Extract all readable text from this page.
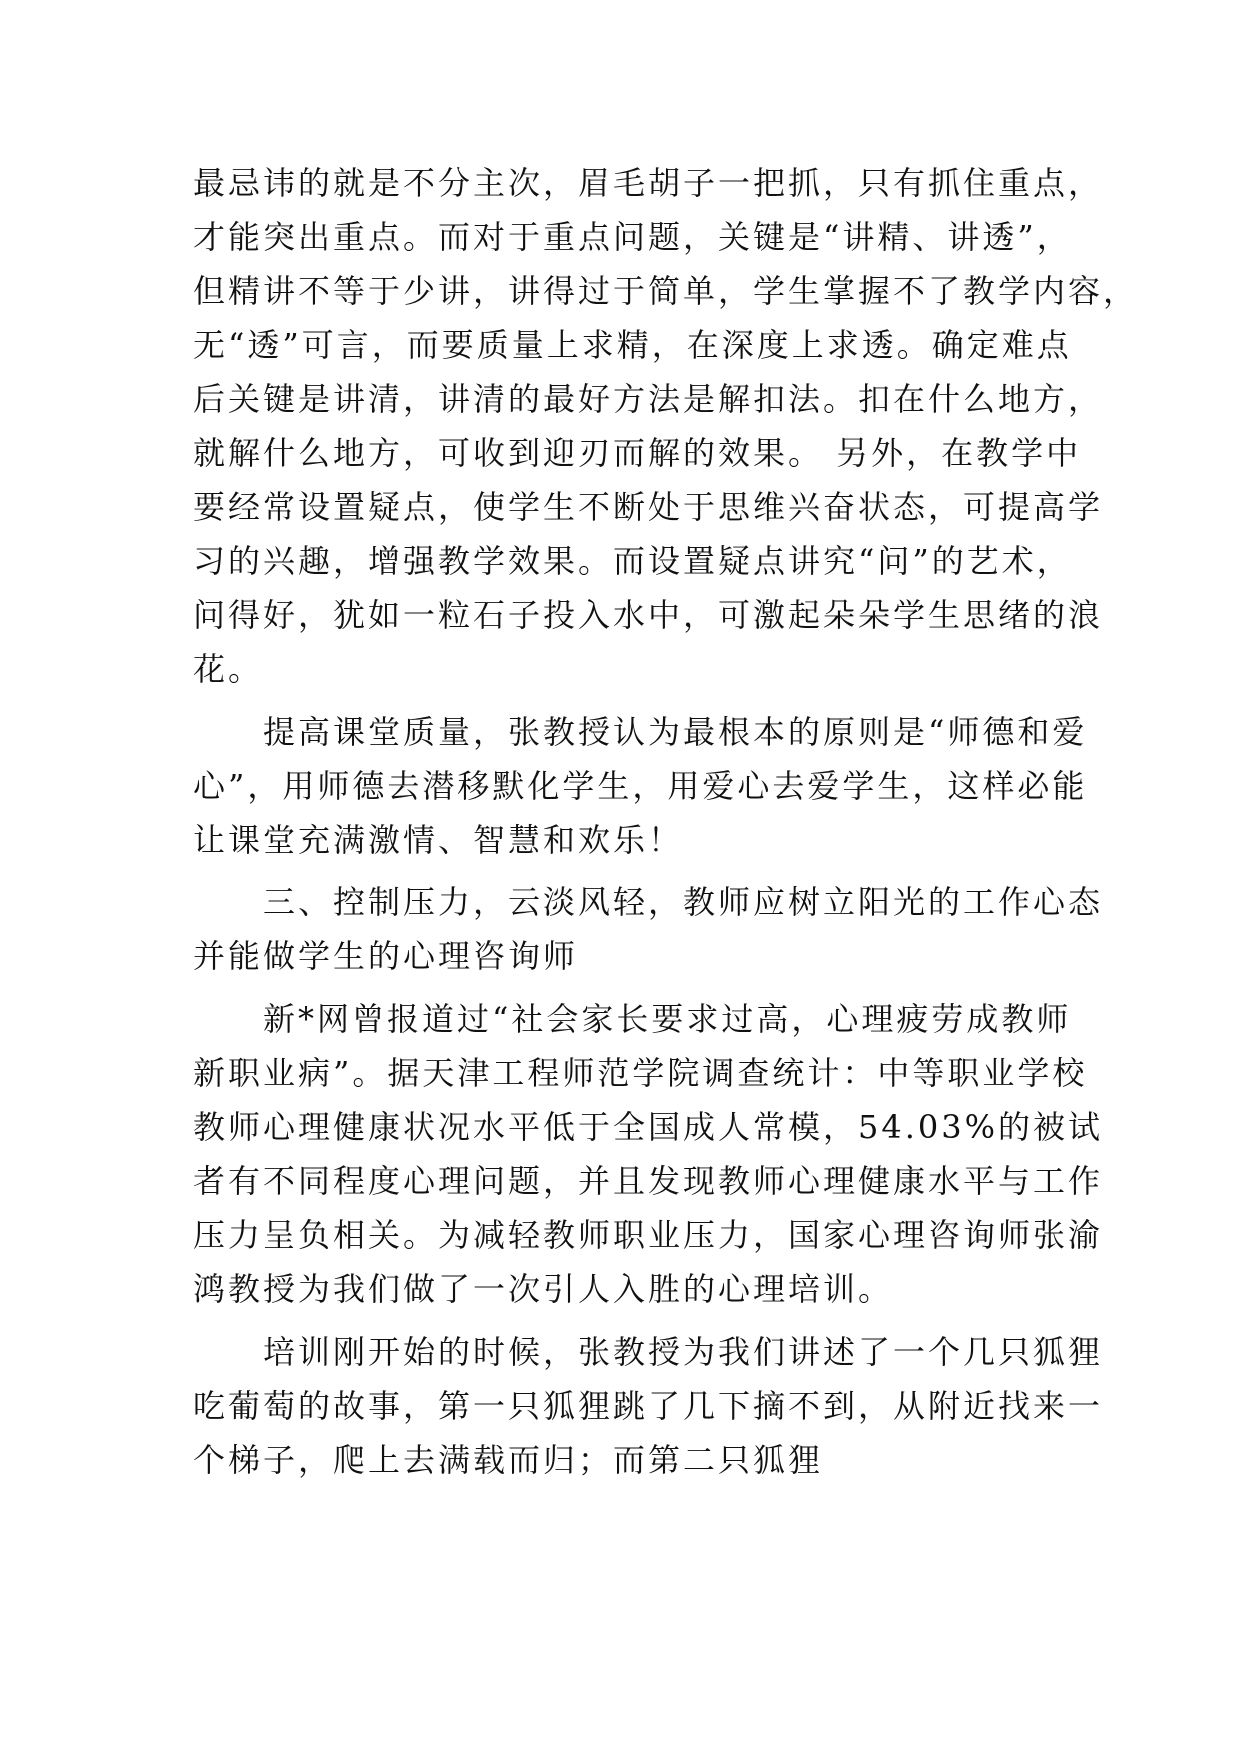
最忌讳的就是不分主次，眉毛胡子一把抓，只有抓住重点，
才能突出重点。而对于重点问题，关键是“讲精、讲透”，
但精讲不等于少讲，讲得过于简单，学生掌握不了教学内容，
无“透”可言，而要质量上求精，在深度上求透。确定难点
后关键是讲清，讲清的最好方法是解扣法。扣在什么地方，
就解什么地方，可收到迎刃而解的效果。 另外，在教学中
要经常设置疑点，使学生不断处于思维兴奋状态，可提高学
习的兴趣，增强教学效果。而设置疑点讲究“问”的艺术，
问得好，犹如一粒石子投入水中，可激起朵朵学生思绪的浪
花。
　　提高课堂质量，张教授认为最根本的原则是“师德和爱
心”，用师德去潜移默化学生，用爱心去爱学生，这样必能
让课堂充满激情、智慧和欢乐！
　　三、控制压力，云淡风轻，教师应树立阳光的工作心态
并能做学生的心理咨询师
　　新*网曾报道过“社会家长要求过高，心理疲劳成教师
新职业病”。据天津工程师范学院调查统计：中等职业学校
教师心理健康状况水平低于全国成人常模，54.03%的被试
者有不同程度心理问题，并且发现教师心理健康水平与工作
压力呈负相关。为减轻教师职业压力，国家心理咨询师张渝
鸿教授为我们做了一次引人入胜的心理培训。
　　培训刚开始的时候，张教授为我们讲述了一个几只狐狸
吃葡萄的故事，第一只狐狸跳了几下摘不到，从附近找来一
个梯子，爬上去满载而归；而第二只狐狸
